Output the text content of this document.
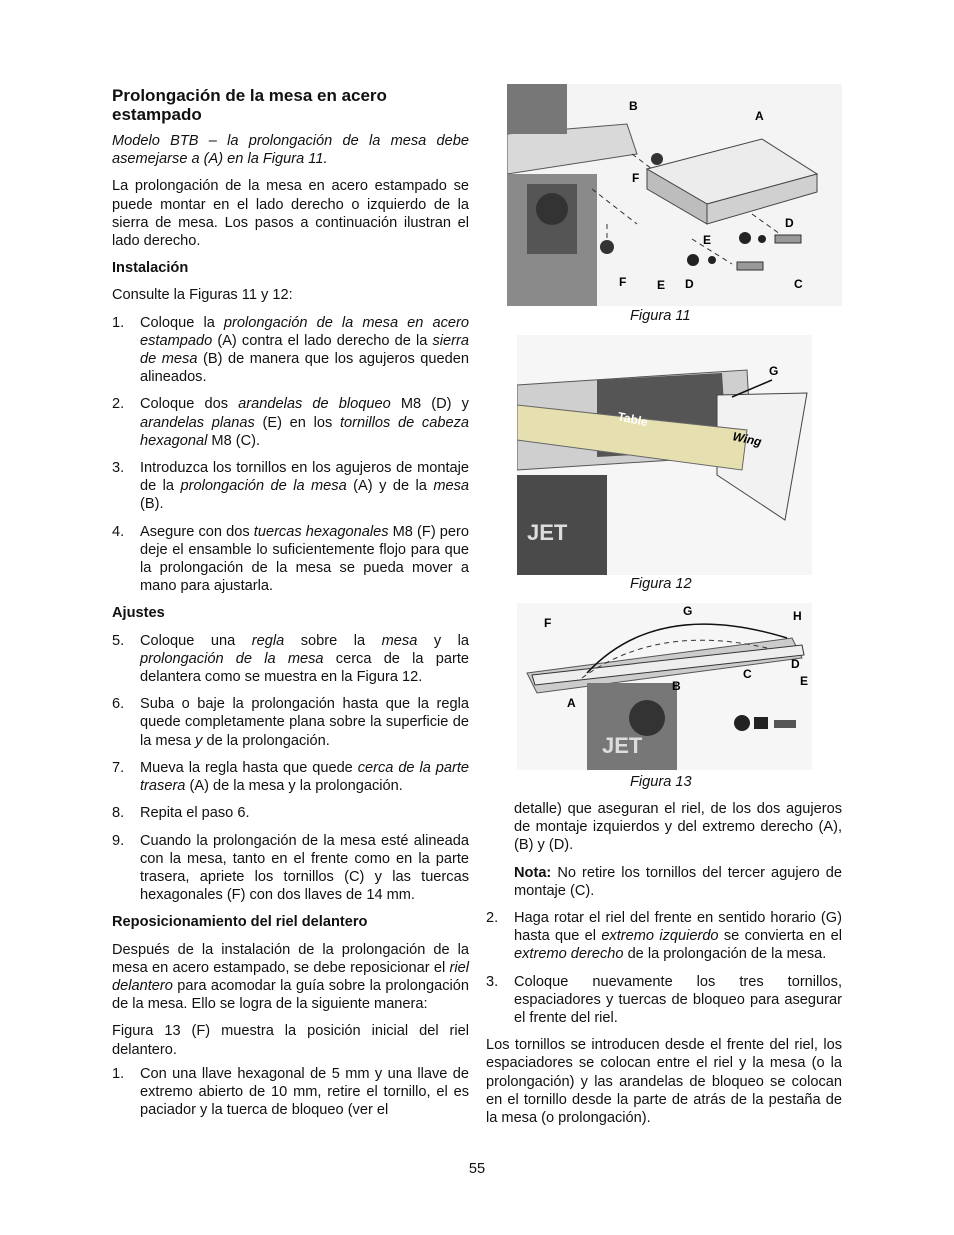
Prolongación de la mesa en acero estampado

Modelo BTB – la prolongación de la mesa debe asemejarse a (A) en la Figura 11.

La prolongación de la mesa en acero estampado se puede montar en el lado derecho o izquierdo de la sierra de mesa. Los pasos a continuación ilustran el lado derecho.

Instalación

Consulte la Figuras 11 y 12:

1.	Coloque la prolongación de la mesa en acero estampado (A) contra el lado derecho de la sierra de mesa (B) de manera que los agujeros queden alineados.
2.	Coloque dos arandelas de bloqueo M8 (D) y arandelas planas (E) en los tornillos de cabeza hexagonal M8 (C).
3.	Introduzca los tornillos en los agujeros de montaje de la prolongación de la mesa (A) y de la mesa (B).
4.	Asegure con dos tuercas hexagonales M8 (F) pero deje el ensamble lo suficientemente flojo para que la prolongación de la mesa se pueda mover a mano para ajustarla.

Ajustes

5.	Coloque una regla sobre la mesa y la prolongación de la mesa cerca de la parte delantera como se muestra en la Figura 12.
6.	Suba o baje la prolongación hasta que la regla quede completamente plana sobre la superficie de la mesa y de la prolongación.
7.	Mueva la regla hasta que quede cerca de la parte trasera (A) de la mesa y la prolongación.
8.	Repita el paso 6.
9.	Cuando la prolongación de la mesa esté alineada con la mesa, tanto en el frente como en la parte trasera, apriete los tornillos (C) y las tuercas hexagonales (F) con dos llaves de 14 mm.

Reposicionamiento del riel delantero

Después de la instalación de la prolongación de la mesa en acero estampado, se debe reposicionar el riel delantero para acomodar la guía sobre la prolongación de la mesa. Ello se logra de la siguiente manera:

Figura 13 (F) muestra la posición inicial del riel delantero.

1.	Con una llave hexagonal de 5 mm y una llave de extremo abierto de 10 mm, retire el tornillo, el es paciador y la tuerca de bloqueo (ver el
B
A
F
D
E
F	E D	C
Figura 11
Table
Wing
JET
G
Figura 12
JET
F
G	H
D
E
C
B
A
Figura 13

detalle) que aseguran el riel, de los dos agujeros de montaje izquierdos y del extremo derecho (A), (B) y (D).

Nota: No retire los tornillos del tercer agujero de montaje (C).

2.	Haga rotar el riel del frente en sentido horario (G) hasta que el extremo izquierdo se convierta en el extremo derecho de la prolongación de la mesa.
3.	Coloque nuevamente los tres tornillos, espaciadores y tuercas de bloqueo para asegurar el frente del riel.

Los tornillos se introducen desde el frente del riel, los espaciadores se colocan entre el riel y la mesa (o la prolongación) y las arandelas de bloqueo se colocan en el tornillo desde la parte de atrás de la pestaña de la mesa (o prolongación).

55
